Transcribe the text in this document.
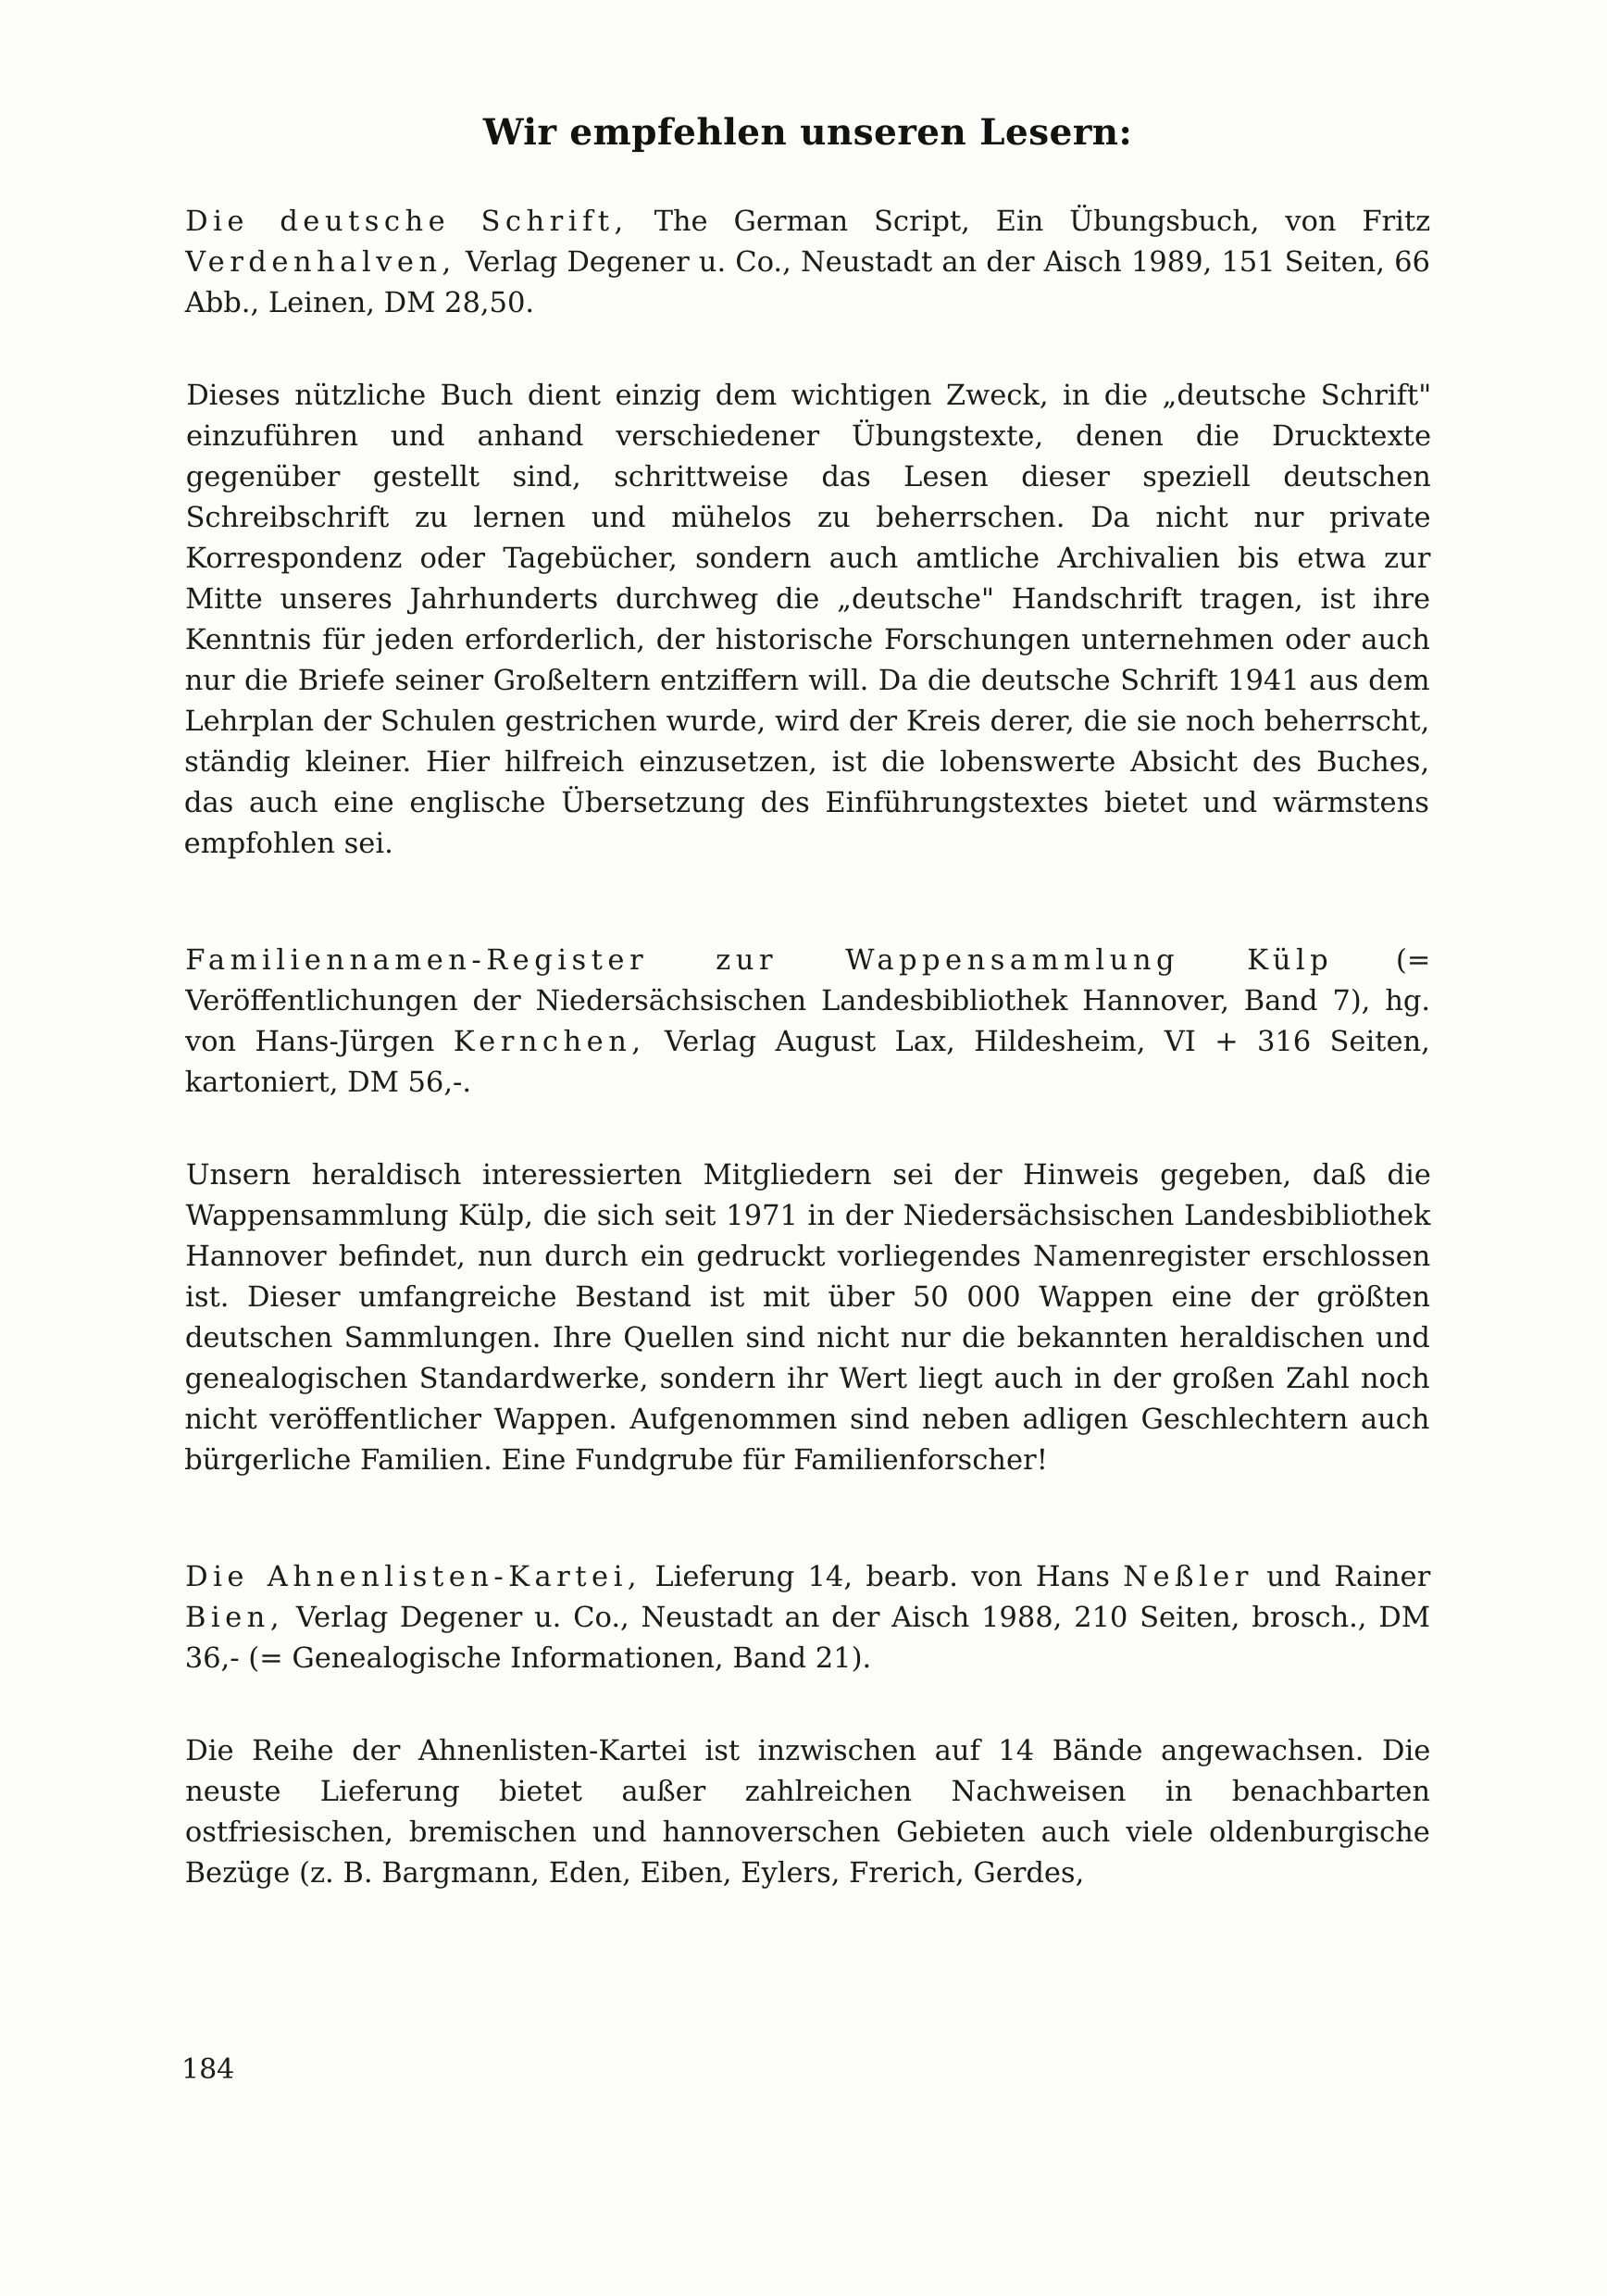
Wir empfehlen unseren Lesern:

Die deutsche Schrift, The German Script, Ein Übungsbuch, von Fritz Verdenhalven, Verlag Degener u. Co., Neustadt an der Aisch 1989, 151 Seiten, 66 Abb., Leinen, DM 28,50.

Dieses nützliche Buch dient einzig dem wichtigen Zweck, in die „deutsche Schrift" einzuführen und anhand verschiedener Übungstexte, denen die Drucktexte gegenüber gestellt sind, schrittweise das Lesen dieser speziell deutschen Schreibschrift zu lernen und mühelos zu beherrschen. Da nicht nur private Korrespondenz oder Tagebücher, sondern auch amtliche Archivalien bis etwa zur Mitte unseres Jahrhunderts durchweg die „deutsche" Handschrift tragen, ist ihre Kenntnis für jeden erforderlich, der historische Forschungen unternehmen oder auch nur die Briefe seiner Großeltern entziffern will. Da die deutsche Schrift 1941 aus dem Lehrplan der Schulen gestrichen wurde, wird der Kreis derer, die sie noch beherrscht, ständig kleiner. Hier hilfreich einzusetzen, ist die lobenswerte Absicht des Buches, das auch eine englische Übersetzung des Einführungstextes bietet und wärmstens empfohlen sei.

Familiennamen-Register zur Wappensammlung Külp (= Veröffentlichungen der Niedersächsischen Landesbibliothek Hannover, Band 7), hg. von Hans-Jürgen Kernchen, Verlag August Lax, Hildesheim, VI + 316 Seiten, kartoniert, DM 56,-.

Unsern heraldisch interessierten Mitgliedern sei der Hinweis gegeben, daß die Wappensammlung Külp, die sich seit 1971 in der Niedersächsischen Landesbibliothek Hannover befindet, nun durch ein gedruckt vorliegendes Namenregister erschlossen ist. Dieser umfangreiche Bestand ist mit über 50 000 Wappen eine der größten deutschen Sammlungen. Ihre Quellen sind nicht nur die bekannten heraldischen und genealogischen Standardwerke, sondern ihr Wert liegt auch in der großen Zahl noch nicht veröffentlicher Wappen. Aufgenommen sind neben adligen Geschlechtern auch bürgerliche Familien. Eine Fundgrube für Familienforscher!

Die Ahnenlisten-Kartei, Lieferung 14, bearb. von Hans Neßler und Rainer Bien, Verlag Degener u. Co., Neustadt an der Aisch 1988, 210 Seiten, brosch., DM 36,- (= Genealogische Informationen, Band 21).

Die Reihe der Ahnenlisten-Kartei ist inzwischen auf 14 Bände angewachsen. Die neuste Lieferung bietet außer zahlreichen Nachweisen in benachbarten ostfriesischen, bremischen und hannoverschen Gebieten auch viele oldenburgische Bezüge (z. B. Bargmann, Eden, Eiben, Eylers, Frerich, Gerdes,

184
